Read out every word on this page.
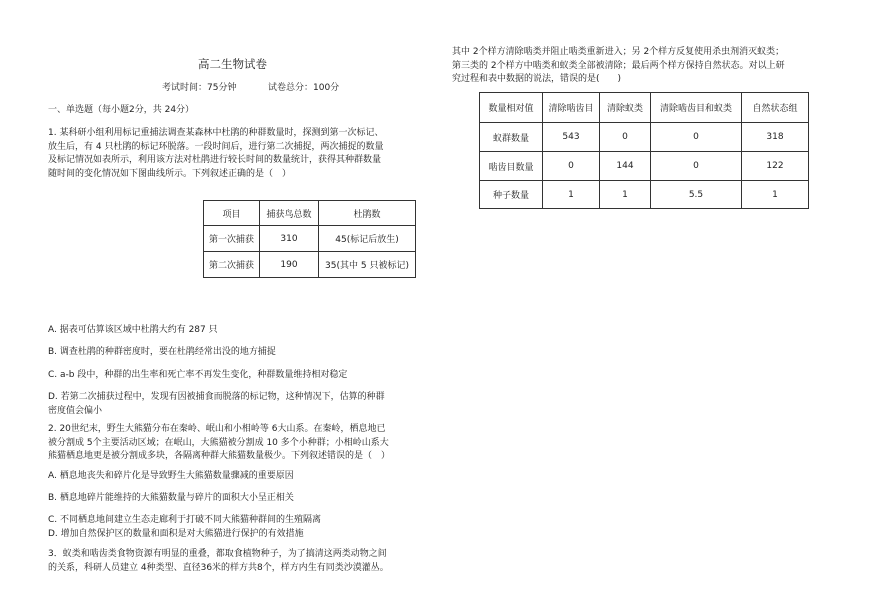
高二生物试卷
考试时间：75分钟	试卷总分：100分
一、单选题（每小题2分，共 24分）
1. 某科研小组利用标记重捕法调查某森林中杜鹃的种群数量时，探测到第一次标记、
放生后，有 4 只杜鹃的标记环脱落。一段时间后，进行第二次捕捉，两次捕捉的数量
及标记情况如表所示，利用该方法对杜鹃进行较长时间的数量统计，获得其种群数量
随时间的变化情况如下图曲线所示。下列叙述正确的是（　）
项目	捕获鸟总数	杜鹃数
第一次捕获	310	45(标记后放生)
第二次捕获	190	35(其中 5 只被标记)
A. 据表可估算该区域中杜鹃大约有 287 只
B. 调查杜鹃的种群密度时，要在杜鹃经常出没的地方捕捉
C. a-b 段中，种群的出生率和死亡率不再发生变化，种群数量维持相对稳定
D. 若第二次捕获过程中，发现有因被捕食而脱落的标记物，这种情况下，估算的种群
密度值会偏小
2. 20世纪末，野生大熊猫分布在秦岭、岷山和小相岭等 6大山系。在秦岭，栖息地已
被分割成 5个主要活动区域；在岷山，大熊猫被分割成 10 多个小种群；小相岭山系大
熊猫栖息地更是被分割成多块，各隔离种群大熊猫数量极少。下列叙述错误的是（　）
A. 栖息地丧失和碎片化是导致野生大熊猫数量骤减的重要原因
B. 栖息地碎片能维持的大熊猫数量与碎片的面积大小呈正相关
C. 不同栖息地间建立生态走廊利于打破不同大熊猫种群间的生殖隔离
D. 增加自然保护区的数量和面积是对大熊猫进行保护的有效措施
3．蚁类和啮齿类食物资源有明显的重叠，都取食植物种子，为了搞清这两类动物之间
的关系，科研人员建立 4种类型、直径36米的样方共8个，样方内生有同类沙漠灌丛。
其中 2个样方清除啮类并阻止啮类重新进入；另 2个样方反复使用杀虫剂消灭蚁类；
第三类的 2个样方中啮类和蚁类全部被清除；最后两个样方保持自然状态。对以上研
究过程和表中数据的说法，错误的是(　　)
数量相对值	清除啮齿目	清除蚁类	清除啮齿目和蚁类	自然状态组
蚁群数量	543	0	0	318
啮齿目数量	0	144	0	122
种子数量	1	1	5.5	1
